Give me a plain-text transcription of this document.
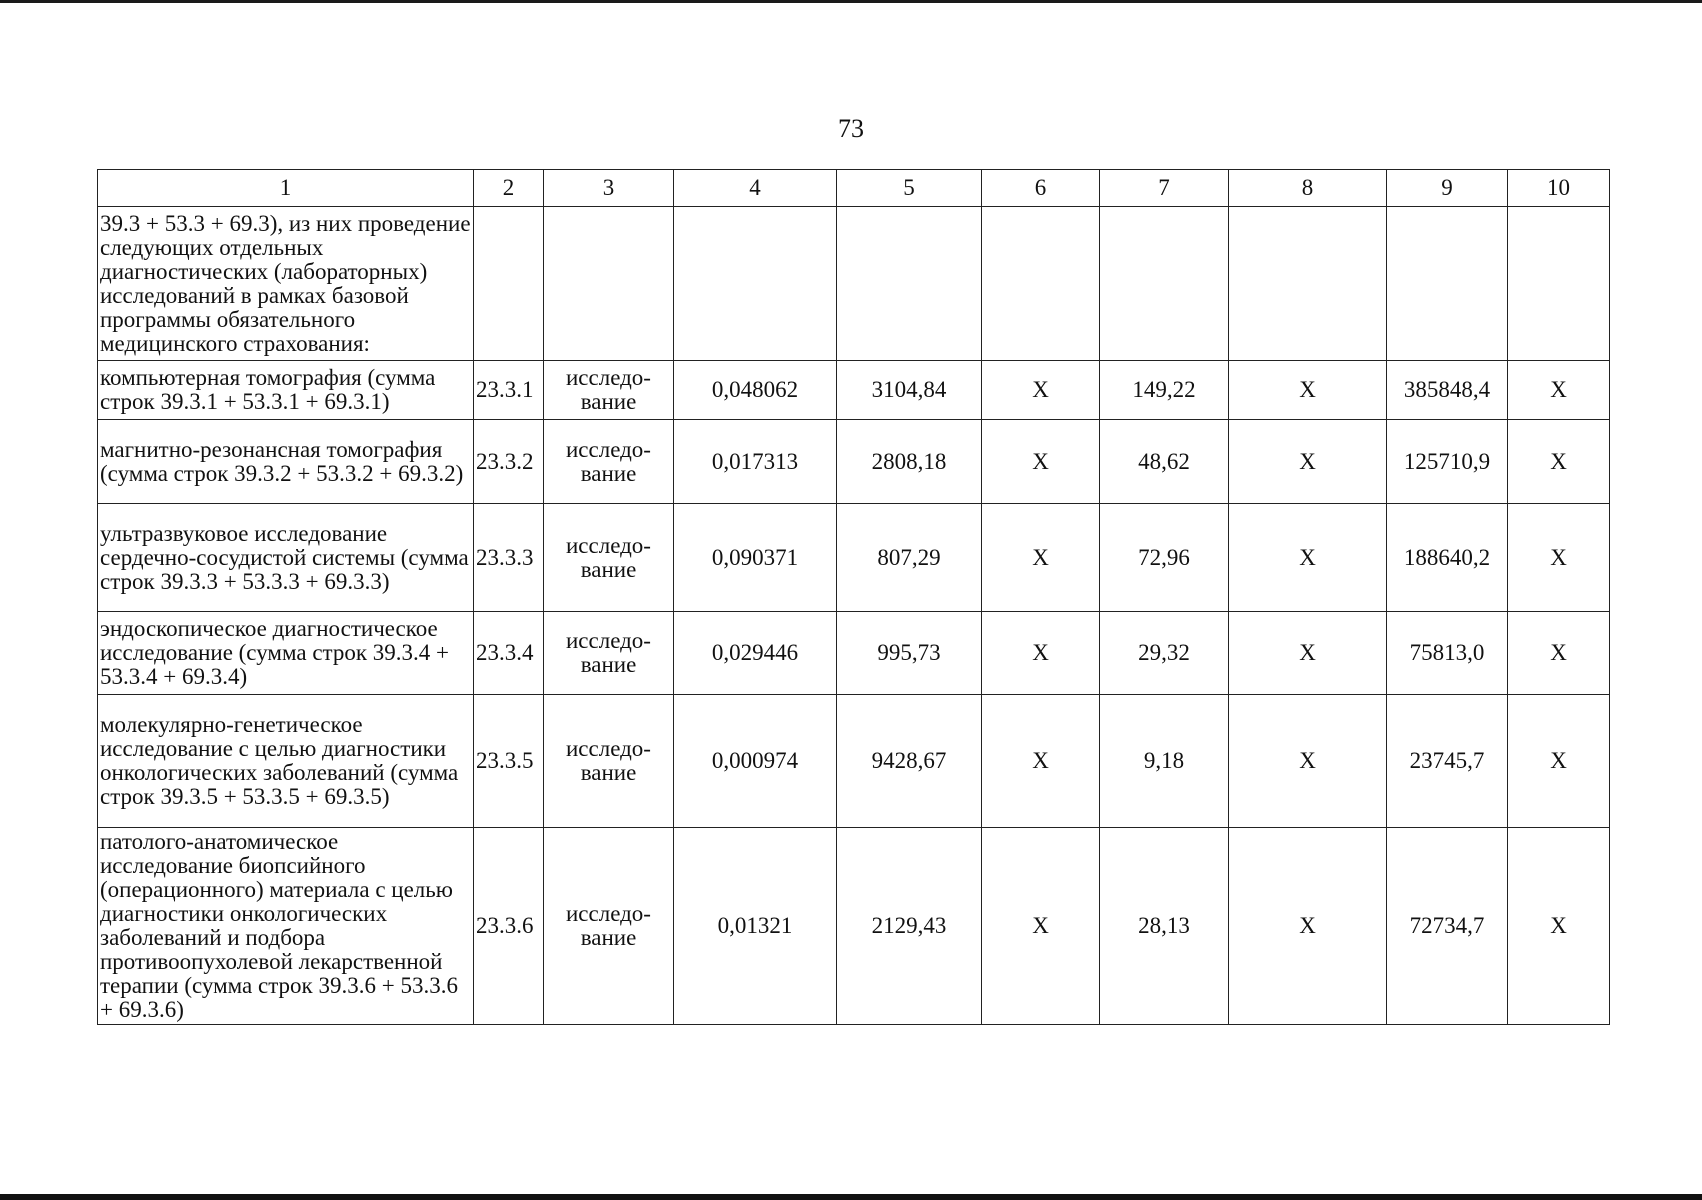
73
1	2	3	4	5	6	7	8	9	10
39.3 + 53.3 + 69.3), из них проведение следующих отдельных диагностических (лабораторных) исследований в рамках базовой программы обязательного медицинского страхования:									
компьютерная томография (сумма строк 39.3.1 + 53.3.1 + 69.3.1)	23.3.1	исследо-вание	0,048062	3104,84	X	149,22	X	385848,4	X
магнитно-резонансная томография (сумма строк 39.3.2 + 53.3.2 + 69.3.2)	23.3.2	исследо-вание	0,017313	2808,18	X	48,62	X	125710,9	X
ультразвуковое исследование сердечно-сосудистой системы (сумма строк 39.3.3 + 53.3.3 + 69.3.3)	23.3.3	исследо-вание	0,090371	807,29	X	72,96	X	188640,2	X
эндоскопическое диагностическое исследование (сумма строк 39.3.4 + 53.3.4 + 69.3.4)	23.3.4	исследо-вание	0,029446	995,73	X	29,32	X	75813,0	X
молекулярно-генетическое исследование с целью диагностики онкологических заболеваний (сумма строк 39.3.5 + 53.3.5 + 69.3.5)	23.3.5	исследо-вание	0,000974	9428,67	X	9,18	X	23745,7	X
патолого-анатомическое исследование биопсийного (операционного) материала с целью диагностики онкологических заболеваний и подбора противоопухолевой лекарственной терапии (сумма строк 39.3.6 + 53.3.6 + 69.3.6)	23.3.6	исследо-вание	0,01321	2129,43	X	28,13	X	72734,7	X
